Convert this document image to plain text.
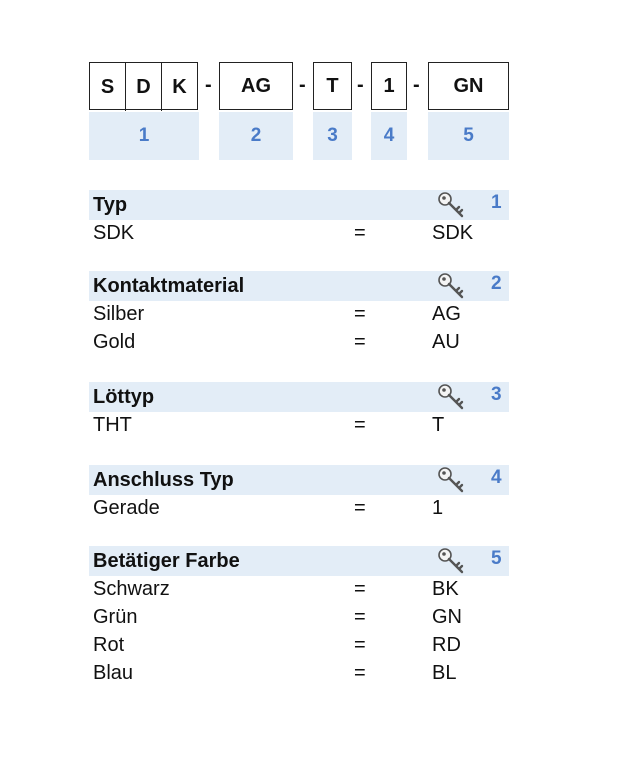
S D K - AG - T - 1 - GN
1	2	3	4	5
Typ	1
SDK	=	SDK
Kontaktmaterial	2
Silber	=	AG
Gold	=	AU
Löttyp	3
THT	=	T
Anschluss Typ	4
Gerade	=	1
Betätiger Farbe	5
Schwarz	=	BK
Grün	=	GN
Rot	=	RD
Blau	=	BL
